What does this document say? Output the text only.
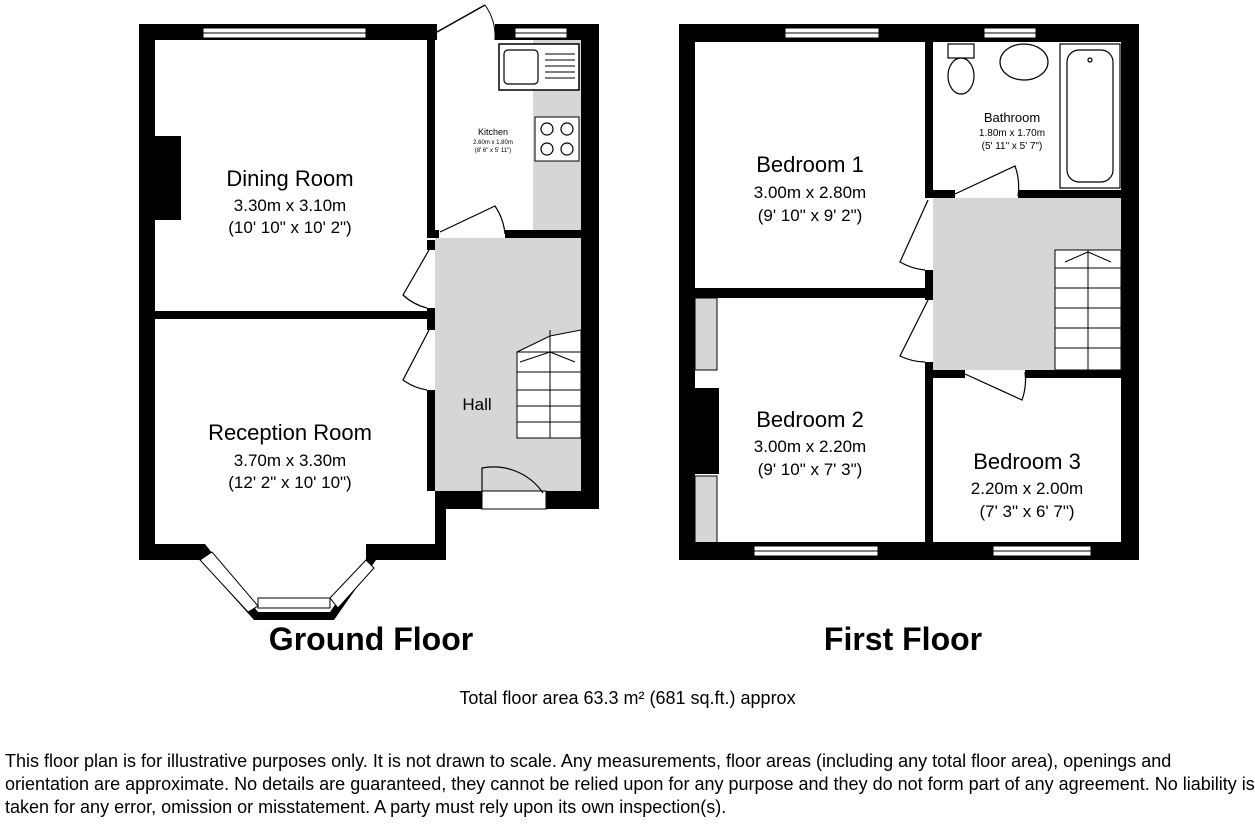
Dining Room
3.30m x 3.10m
(10' 10" x 10' 2")
Kitchen
2.60m x 1.80m
(8' 6" x 5' 11")
Reception Room
3.70m x 3.30m
(12' 2" x 10' 10")
Hall
Ground Floor
Bedroom 1
3.00m x 2.80m
(9' 10" x 9' 2")
Bathroom
1.80m x 1.70m
(5' 11" x 5' 7")
Bedroom 2
3.00m x 2.20m
(9' 10" x 7' 3")	Bedroom 3
2.20m x 2.00m
(7' 3" x 6' 7")
First Floor
Total floor area 63.3 m² (681 sq.ft.) approx
This floor plan is for illustrative purposes only. It is not drawn to scale. Any measurements, floor areas (including any total floor area), openings and orientation are approximate. No details are guaranteed, they cannot be relied upon for any purpose and they do not form part of any agreement. No liability is taken for any error, omission or misstatement. A party must rely upon its own inspection(s).
